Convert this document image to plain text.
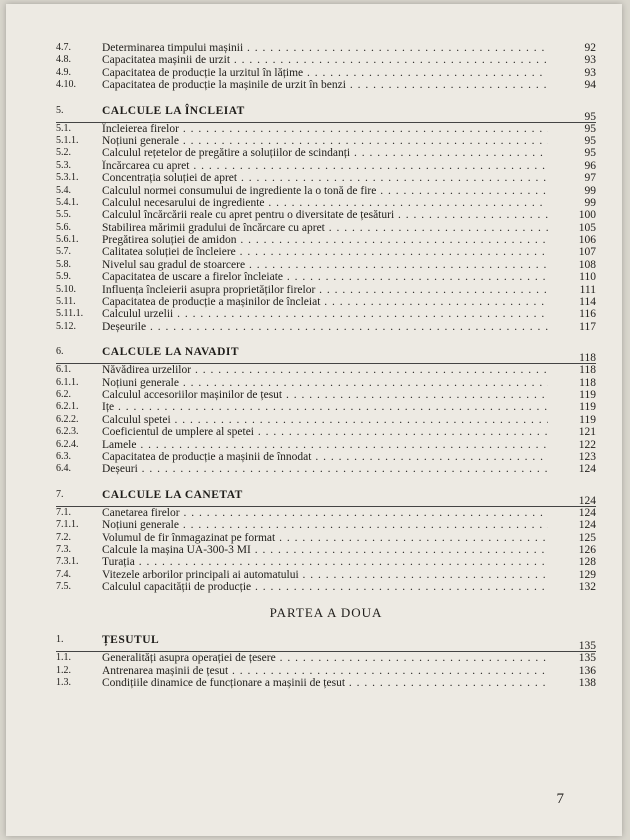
4.7.	Determinarea timpului mașinii . . .	92
4.8.	Capacitatea mașinii de urzit . . .	93
4.9.	Capacitatea de producție la urzitul în lățime . . .	93
4.10.	Capacitatea de producție la mașinile de urzit în benzi . . .	94
5.	CALCULE LA ÎNCLEIAT	95
5.1.	Încleierea firelor . . .	95
5.1.1.	Noțiuni generale . . .	95
5.2.	Calculul rețetelor de pregătire a soluțiilor de scindanți . . .	95
5.3.	Încărcarea cu apret . . .	96
5.3.1.	Concentrația soluției de apret . . .	97
5.4.	Calculul normei consumului de ingrediente la o tonă de fire . . .	99
5.4.1.	Calculul necesarului de ingrediente . . .	99
5.5.	Calculul încărcării reale cu apret pentru o diversitate de țesături . . .	100
5.6.	Stabilirea mărimii gradului de încărcare cu apret . . .	105
5.6.1.	Pregătirea soluției de amidon . . .	106
5.7.	Calitatea soluției de încleiere . . .	107
5.8.	Nivelul sau gradul de stoarcere . . .	108
5.9.	Capacitatea de uscare a firelor încleiate . . .	110
5.10.	Influența încleierii asupra proprietăților firelor . . .	111
5.11.	Capacitatea de producție a mașinilor de încleiat . . .	114
5.11.1.	Calculul urzelii . . .	116
5.12.	Deșeurile . . .	117
6.	CALCULE LA NAVADIT	118
6.1.	Năvădirea urzelilor . . .	118
6.1.1.	Noțiuni generale . . .	118
6.2.	Calculul accesoriilor mașinilor de țesut . . .	119
6.2.1.	Ițe . . .	119
6.2.2.	Calculul spetei . . .	119
6.2.3.	Coeficientul de umplere al spetei . . .	121
6.2.4.	Lamele . . .	122
6.3.	Capacitatea de producție a mașinii de înnodat . . .	123
6.4.	Deșeuri . . .	124
7.	CALCULE LA CANETAT	124
7.1.	Canetarea firelor . . .	124
7.1.1.	Noțiuni generale . . .	124
7.2.	Volumul de fir înmagazinat pe format . . .	125
7.3.	Calcule la mașina UA-300-3 MI . . .	126
7.3.1.	Turația . . .	128
7.4.	Vitezele arborilor principali ai automatului . . .	129
7.5.	Calculul capacității de producție . . .	132
PARTEA A DOUA
1.	ȚESUTUL	135
1.1.	Generalități asupra operației de țesere . . .	135
1.2.	Antrenarea mașinii de țesut . . .	136
1.3.	Condițiile dinamice de funcționare a mașinii de țesut . . .	138
7
